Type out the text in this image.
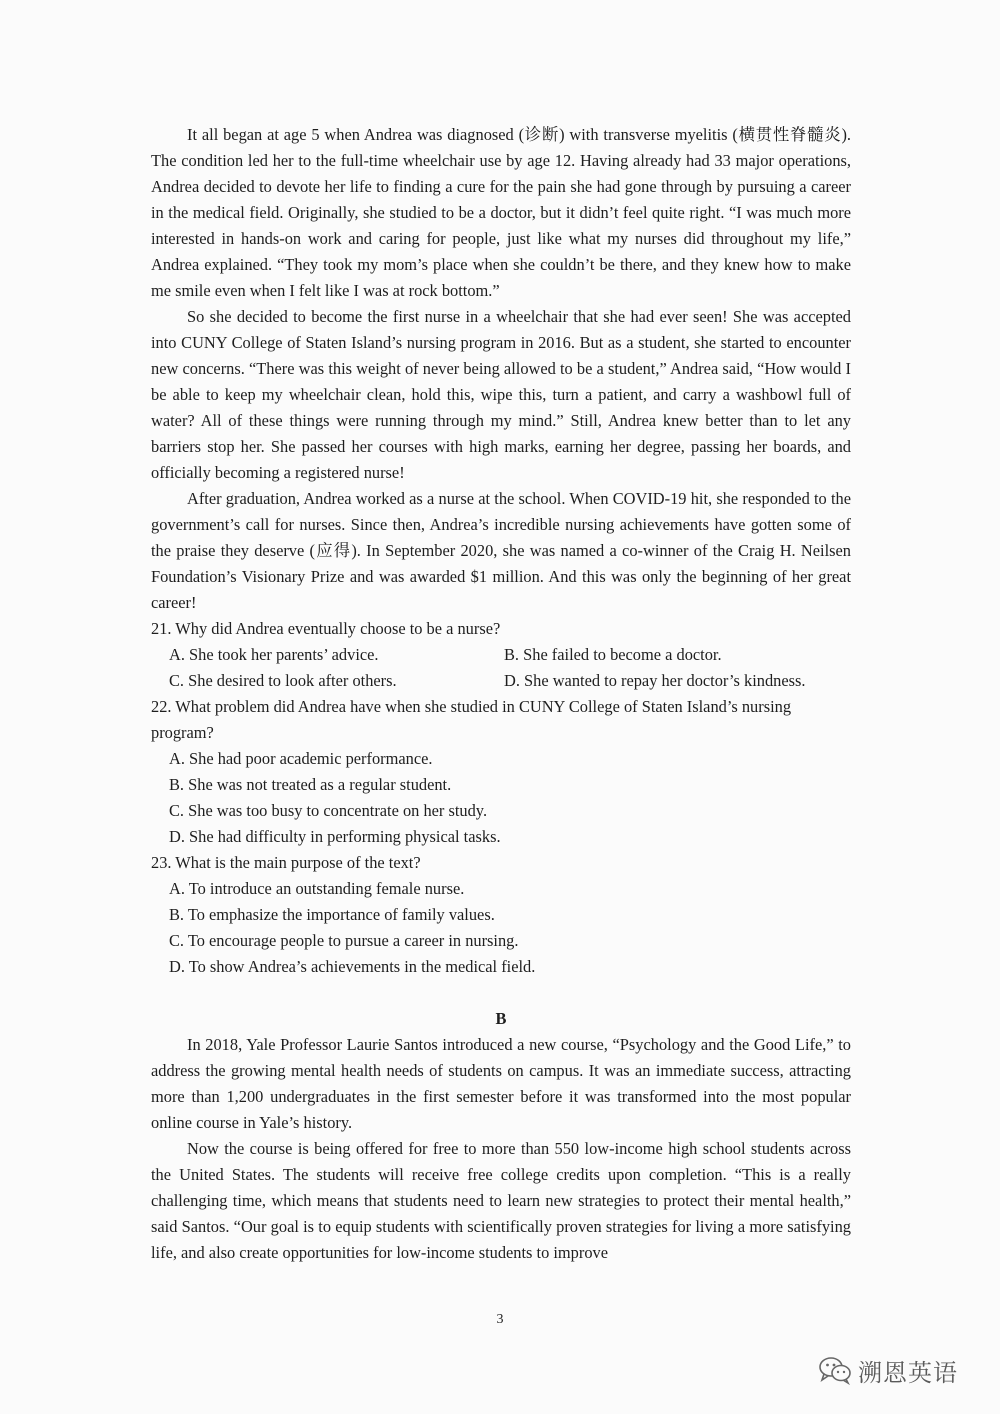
It all began at age 5 when Andrea was diagnosed (诊断) with transverse myelitis (横贯性脊髓炎). The condition led her to the full-time wheelchair use by age 12. Having already had 33 major operations, Andrea decided to devote her life to finding a cure for the pain she had gone through by pursuing a career in the medical field. Originally, she studied to be a doctor, but it didn’t feel quite right. “I was much more interested in hands-on work and caring for people, just like what my nurses did throughout my life,” Andrea explained. “They took my mom’s place when she couldn’t be there, and they knew how to make me smile even when I felt like I was at rock bottom.”

So she decided to become the first nurse in a wheelchair that she had ever seen! She was accepted into CUNY College of Staten Island’s nursing program in 2016. But as a student, she started to encounter new concerns. “There was this weight of never being allowed to be a student,” Andrea said, “How would I be able to keep my wheelchair clean, hold this, wipe this, turn a patient, and carry a washbowl full of water? All of these things were running through my mind.” Still, Andrea knew better than to let any barriers stop her. She passed her courses with high marks, earning her degree, passing her boards, and officially becoming a registered nurse!

After graduation, Andrea worked as a nurse at the school. When COVID-19 hit, she responded to the government’s call for nurses. Since then, Andrea’s incredible nursing achievements have gotten some of the praise they deserve (应得). In September 2020, she was named a co-winner of the Craig H. Neilsen Foundation’s Visionary Prize and was awarded $1 million. And this was only the beginning of her great career!

21. Why did Andrea eventually choose to be a nurse?

A. She took her parents’ advice.	B. She failed to become a doctor.
C. She desired to look after others.	D. She wanted to repay her doctor’s kindness.

22. What problem did Andrea have when she studied in CUNY College of Staten Island’s nursing program?

A. She had poor academic performance.
B. She was not treated as a regular student.
C. She was too busy to concentrate on her study.
D. She had difficulty in performing physical tasks.

23. What is the main purpose of the text?

A. To introduce an outstanding female nurse.
B. To emphasize the importance of family values.
C. To encourage people to pursue a career in nursing.
D. To show Andrea’s achievements in the medical field.
B

In 2018, Yale Professor Laurie Santos introduced a new course, “Psychology and the Good Life,” to address the growing mental health needs of students on campus. It was an immediate success, attracting more than 1,200 undergraduates in the first semester before it was transformed into the most popular online course in Yale’s history.

Now the course is being offered for free to more than 550 low-income high school students across the United States. The students will receive free college credits upon completion. “This is a really challenging time, which means that students need to learn new strategies to protect their mental health,” said Santos. “Our goal is to equip students with scientifically proven strategies for living a more satisfying life, and also create opportunities for low-income students to improve

3
溯恩英语
